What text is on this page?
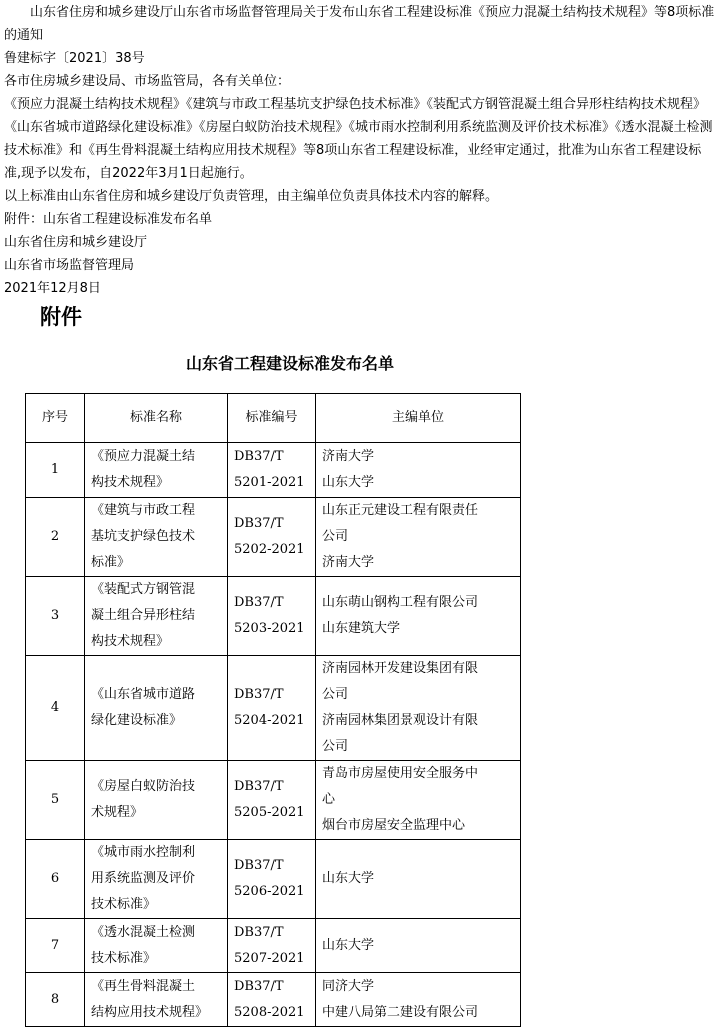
山东省住房和城乡建设厅山东省市场监督管理局关于发布山东省工程建设标准《预应力混凝土结构技术规程》等8项标准的通知

鲁建标字〔2021〕38号

各市住房城乡建设局、市场监管局，各有关单位：

《预应力混凝土结构技术规程》《建筑与市政工程基坑支护绿色技术标准》《装配式方钢管混凝土组合异形柱结构技术规程》《山东省城市道路绿化建设标准》《房屋白蚁防治技术规程》《城市雨水控制利用系统监测及评价技术标准》《透水混凝土检测技术标准》和《再生骨料混凝土结构应用技术规程》等8项山东省工程建设标准，业经审定通过，批准为山东省工程建设标准,现予以发布，自2022年3月1日起施行。

以上标准由山东省住房和城乡建设厅负责管理，由主编单位负责具体技术内容的解释。

附件：山东省工程建设标准发布名单

山东省住房和城乡建设厅

山东省市场监督管理局

2021年12月8日

附件
山东省工程建设标准发布名单
序号	标准名称	标准编号	主编单位
1	《预应力混凝土结
构技术规程》	DB37/T
5201-2021	济南大学
山东大学
2	《建筑与市政工程
基坑支护绿色技术
标准》	DB37/T
5202-2021	山东正元建设工程有限责任
公司
济南大学
3	《装配式方钢管混
凝土组合异形柱结
构技术规程》	DB37/T
5203-2021	山东萌山钢构工程有限公司
山东建筑大学
4	《山东省城市道路
绿化建设标准》	DB37/T
5204-2021	济南园林开发建设集团有限
公司
济南园林集团景观设计有限
公司
5	《房屋白蚁防治技
术规程》	DB37/T
5205-2021	青岛市房屋使用安全服务中
心
烟台市房屋安全监理中心
6	《城市雨水控制利
用系统监测及评价
技术标准》	DB37/T
5206-2021	山东大学
7	《透水混凝土检测
技术标准》	DB37/T
5207-2021	山东大学
8	《再生骨料混凝土
结构应用技术规程》	DB37/T
5208-2021	同济大学
中建八局第二建设有限公司
